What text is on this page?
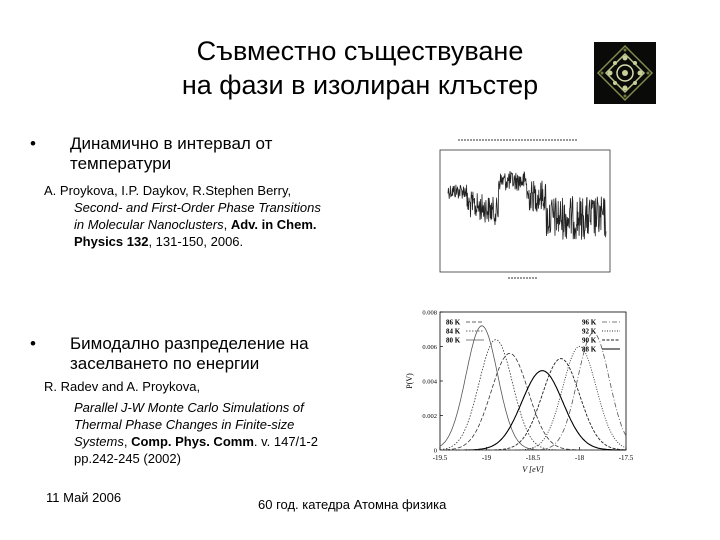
Съвместно съществуване
на фази в изолиран клъстер
• Динамично в интервал от
температури
A. Proykova, I.P. Daykov, R.Stephen Berry,
Second- and First-Order Phase Transitions
in Molecular Nanoclusters, Adv. in Chem.
Physics 132, 131-150, 2006.
• Бимодално разпределение на
заселването по енергии
R. Radev and A. Proykova,
Parallel J-W Monte Carlo Simulations of
Thermal Phase Changes in Finite-size
Systems, Comp. Phys. Comm. v. 147/1-2
pp.242-245 (2002)
11 Май 2006	60 год. катедра Атомна физика
-19.5	-19	-18.5	-18	-17.5
0
0.002
0.004
0.006
0.008
V [eV]
P(V)
86 K
84 K
80 K
96 K
92 K
90 K
88 K
